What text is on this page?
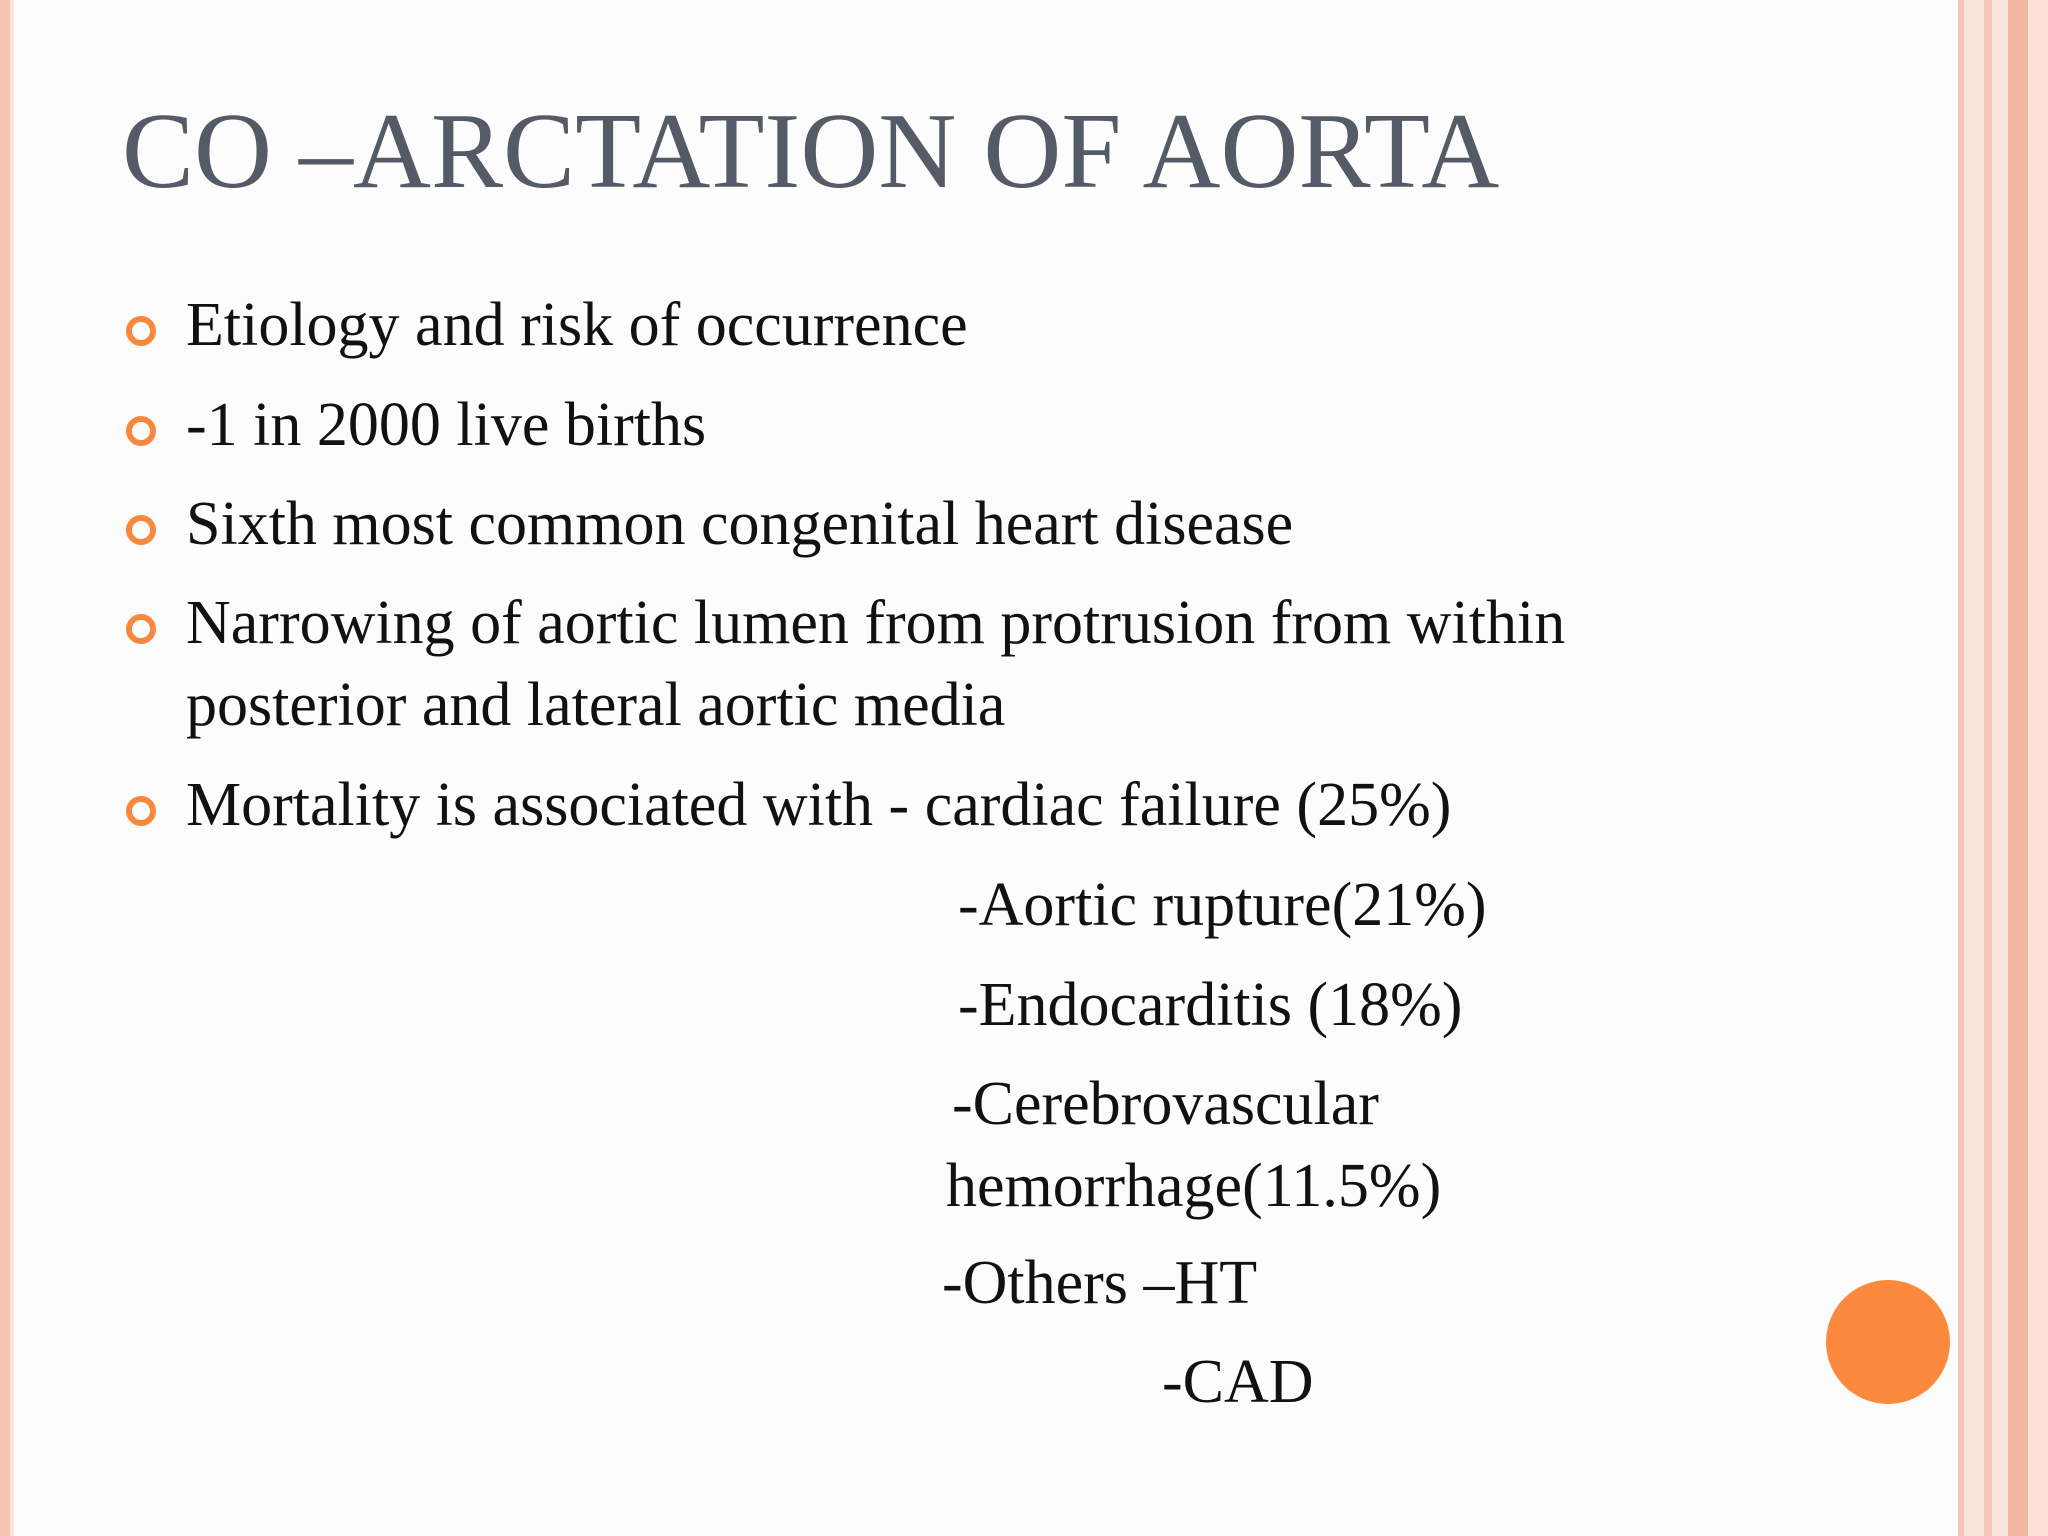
CO –ARCTATION OF AORTA
Etiology and risk of occurrence
-1 in 2000 live births
Sixth most common congenital heart disease
Narrowing of aortic lumen from protrusion from within
posterior and lateral aortic media
Mortality is associated with - cardiac failure (25%)
-Aortic rupture(21%)
-Endocarditis (18%)
-Cerebrovascular
hemorrhage(11.5%)
-Others –HT
-CAD
